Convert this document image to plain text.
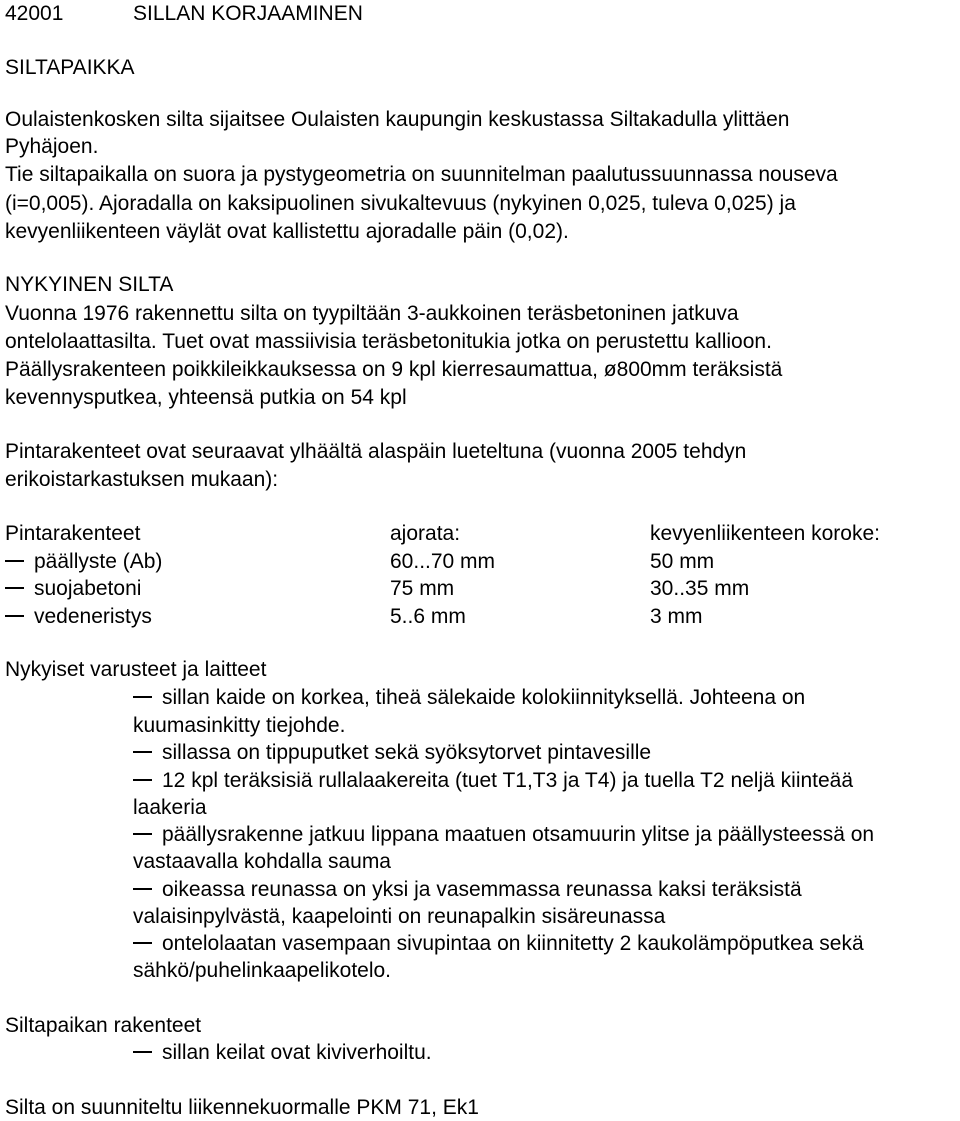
42001	SILLAN KORJAAMINEN
SILTAPAIKKA
Oulaistenkosken silta sijaitsee Oulaisten kaupungin keskustassa Siltakadulla ylittäen
Pyhäjoen.
Tie siltapaikalla on suora ja pystygeometria on suunnitelman paalutussuunnassa nouseva
(i=0,005). Ajoradalla on kaksipuolinen sivukaltevuus (nykyinen 0,025, tuleva 0,025) ja
kevyenliikenteen väylät ovat kallistettu ajoradalle päin (0,02).
NYKYINEN SILTA
Vuonna 1976 rakennettu silta on tyypiltään 3-aukkoinen teräsbetoninen jatkuva
ontelolaattasilta. Tuet ovat massiivisia teräsbetonitukia jotka on perustettu kallioon.
Päällysrakenteen poikkileikkauksessa on 9 kpl kierresaumattua, ø800mm teräksistä
kevennysputkea, yhteensä putkia on 54 kpl
Pintarakenteet ovat seuraavat ylhäältä alaspäin lueteltuna (vuonna 2005 tehdyn
erikoistarkastuksen mukaan):
Pintarakenteet	ajorata:	kevyenliikenteen koroke:
päällyste (Ab)	60...70 mm	50 mm
suojabetoni	75 mm	30..35 mm
vedeneristys	5..6 mm	3 mm
Nykyiset varusteet ja laitteet
sillan kaide on korkea, tiheä sälekaide kolokiinnityksellä. Johteena on
kuumasinkitty tiejohde.
sillassa on tippuputket sekä syöksytorvet pintavesille
12 kpl teräksisiä rullalaakereita (tuet T1,T3 ja T4) ja tuella T2 neljä kiinteää
laakeria
päällysrakenne jatkuu lippana maatuen otsamuurin ylitse ja päällysteessä on
vastaavalla kohdalla sauma
oikeassa reunassa on yksi ja vasemmassa reunassa kaksi teräksistä
valaisinpylvästä, kaapelointi on reunapalkin sisäreunassa
ontelolaatan vasempaan sivupintaa on kiinnitetty 2 kaukolämpöputkea sekä
sähkö/puhelinkaapelikotelo.
Siltapaikan rakenteet
sillan keilat ovat kiviverhoiltu.
Silta on suunniteltu liikennekuormalle PKM 71, Ek1
